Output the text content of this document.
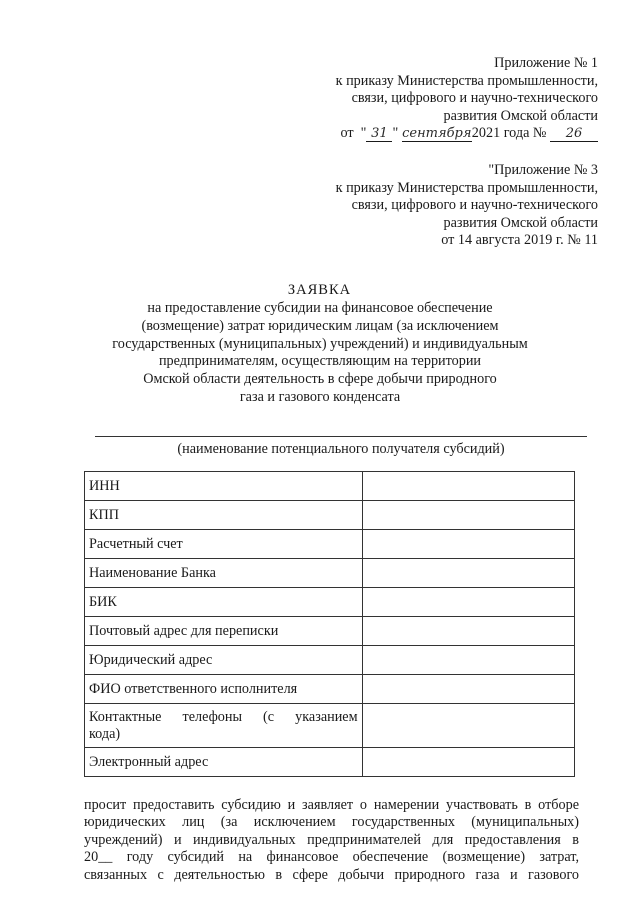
Приложение № 1
к приказу Министерства промышленности,
связи, цифрового и научно-технического
развития Омской области
от  " 31 " сентября2021 года № 26
"Приложение № 3
к приказу Министерства промышленности,
связи, цифрового и научно-технического
развития Омской области
от 14 августа 2019 г. № 11
ЗАЯВКА
на предоставление субсидии на финансовое обеспечение
(возмещение) затрат юридическим лицам (за исключением
государственных (муниципальных) учреждений) и индивидуальным
предпринимателям, осуществляющим на территории
Омской области деятельность в сфере добычи природного
газа и газового конденсата
(наименование потенциального получателя субсидий)
ИНН	
КПП	
Расчетный счет	
Наименование Банка	
БИК	
Почтовый адрес для переписки	
Юридический адрес	
ФИО ответственного исполнителя	

Контактные телефоны (с указанием
кода)	

Электронный адрес	
просит предоставить субсидию и заявляет о намерении участвовать в отборе
юридических лиц (за исключением государственных (муниципальных)
учреждений) и индивидуальных предпринимателей для предоставления в
20__ году субсидий на финансовое обеспечение (возмещение) затрат,
связанных с деятельностью в сфере добычи природного газа и газового
